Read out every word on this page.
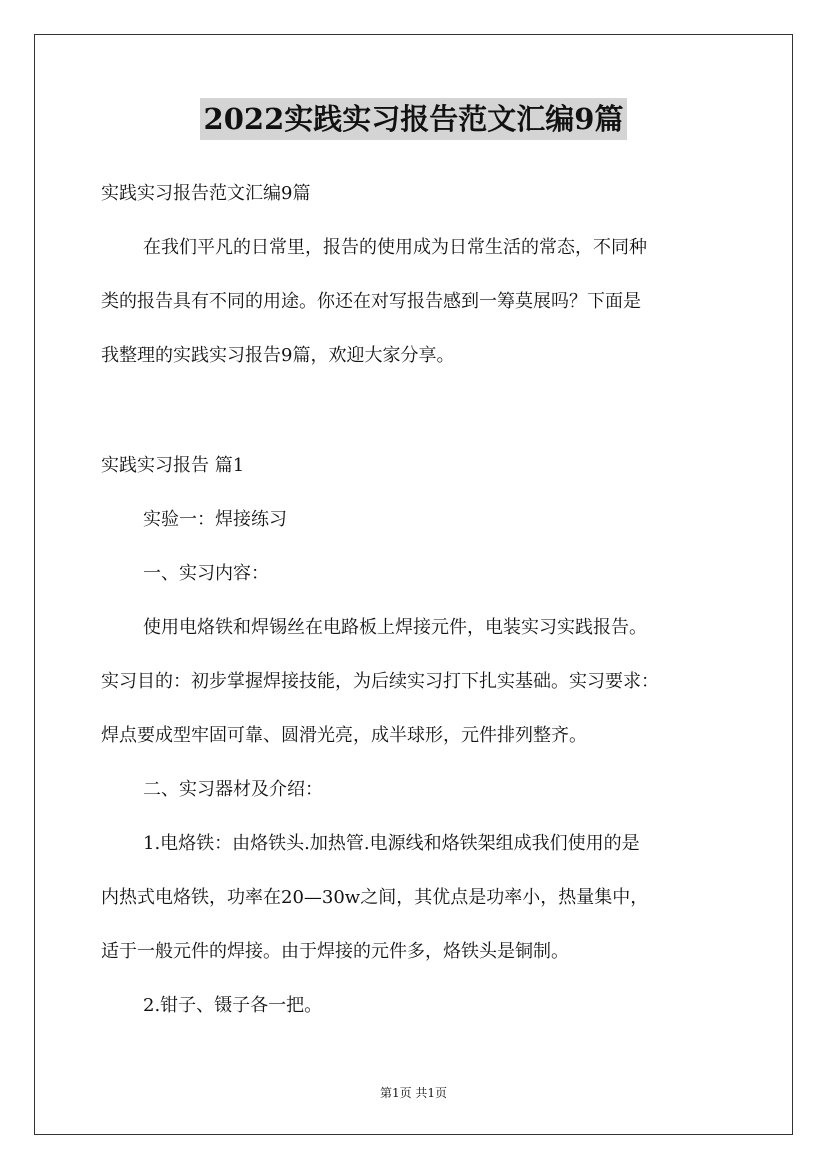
2022实践实习报告范文汇编9篇
实践实习报告范文汇编9篇
在我们平凡的日常里，报告的使用成为日常生活的常态，不同种
类的报告具有不同的用途。你还在对写报告感到一筹莫展吗？下面是
我整理的实践实习报告9篇，欢迎大家分享。
实践实习报告 篇1
实验一：焊接练习
一、实习内容：
使用电烙铁和焊锡丝在电路板上焊接元件，电装实习实践报告。
实习目的：初步掌握焊接技能，为后续实习打下扎实基础。实习要求：
焊点要成型牢固可靠、圆滑光亮，成半球形，元件排列整齐。
二、实习器材及介绍：
1.电烙铁：由烙铁头.加热管.电源线和烙铁架组成我们使用的是
内热式电烙铁，功率在20—30w之间，其优点是功率小，热量集中，
适于一般元件的焊接。由于焊接的元件多，烙铁头是铜制。
2.钳子、镊子各一把。
第1页 共1页
